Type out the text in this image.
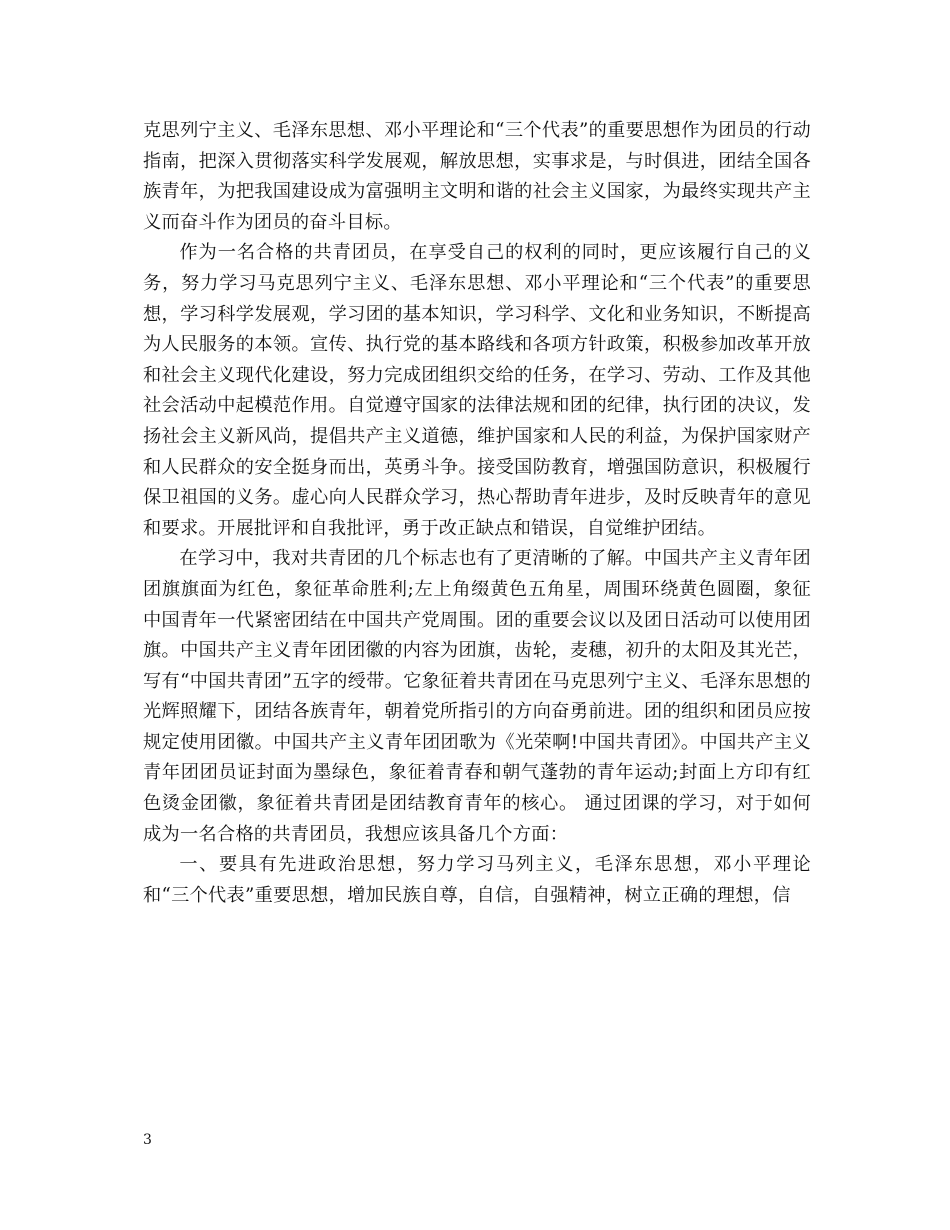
克思列宁主义、毛泽东思想、邓小平理论和“三个代表”的重要思想作为团员的行动指南，把深入贯彻落实科学发展观，解放思想，实事求是，与时俱进，团结全国各族青年，为把我国建设成为富强明主文明和谐的社会主义国家，为最终实现共产主义而奋斗作为团员的奋斗目标。

作为一名合格的共青团员，在享受自己的权利的同时，更应该履行自己的义务，努力学习马克思列宁主义、毛泽东思想、邓小平理论和“三个代表”的重要思想，学习科学发展观，学习团的基本知识，学习科学、文化和业务知识，不断提高为人民服务的本领。宣传、执行党的基本路线和各项方针政策，积极参加改革开放和社会主义现代化建设，努力完成团组织交给的任务，在学习、劳动、工作及其他社会活动中起模范作用。自觉遵守国家的法律法规和团的纪律，执行团的决议，发扬社会主义新风尚，提倡共产主义道德，维护国家和人民的利益，为保护国家财产和人民群众的安全挺身而出，英勇斗争。接受国防教育，增强国防意识，积极履行保卫祖国的义务。虚心向人民群众学习，热心帮助青年进步，及时反映青年的意见和要求。开展批评和自我批评，勇于改正缺点和错误，自觉维护团结。

在学习中，我对共青团的几个标志也有了更清晰的了解。中国共产主义青年团团旗旗面为红色，象征革命胜利;左上角缀黄色五角星，周围环绕黄色圆圈，象征中国青年一代紧密团结在中国共产党周围。团的重要会议以及团日活动可以使用团旗。中国共产主义青年团团徽的内容为团旗，齿轮，麦穗，初升的太阳及其光芒，写有“中国共青团”五字的绶带。它象征着共青团在马克思列宁主义、毛泽东思想的光辉照耀下，团结各族青年，朝着党所指引的方向奋勇前进。团的组织和团员应按规定使用团徽。中国共产主义青年团团歌为《光荣啊!中国共青团》。中国共产主义青年团团员证封面为墨绿色，象征着青春和朝气蓬勃的青年运动;封面上方印有红色烫金团徽，象征着共青团是团结教育青年的核心。 通过团课的学习，对于如何成为一名合格的共青团员，我想应该具备几个方面：

一、要具有先进政治思想，努力学习马列主义，毛泽东思想，邓小平理论和“三个代表”重要思想，增加民族自尊，自信，自强精神，树立正确的理想，信

3
